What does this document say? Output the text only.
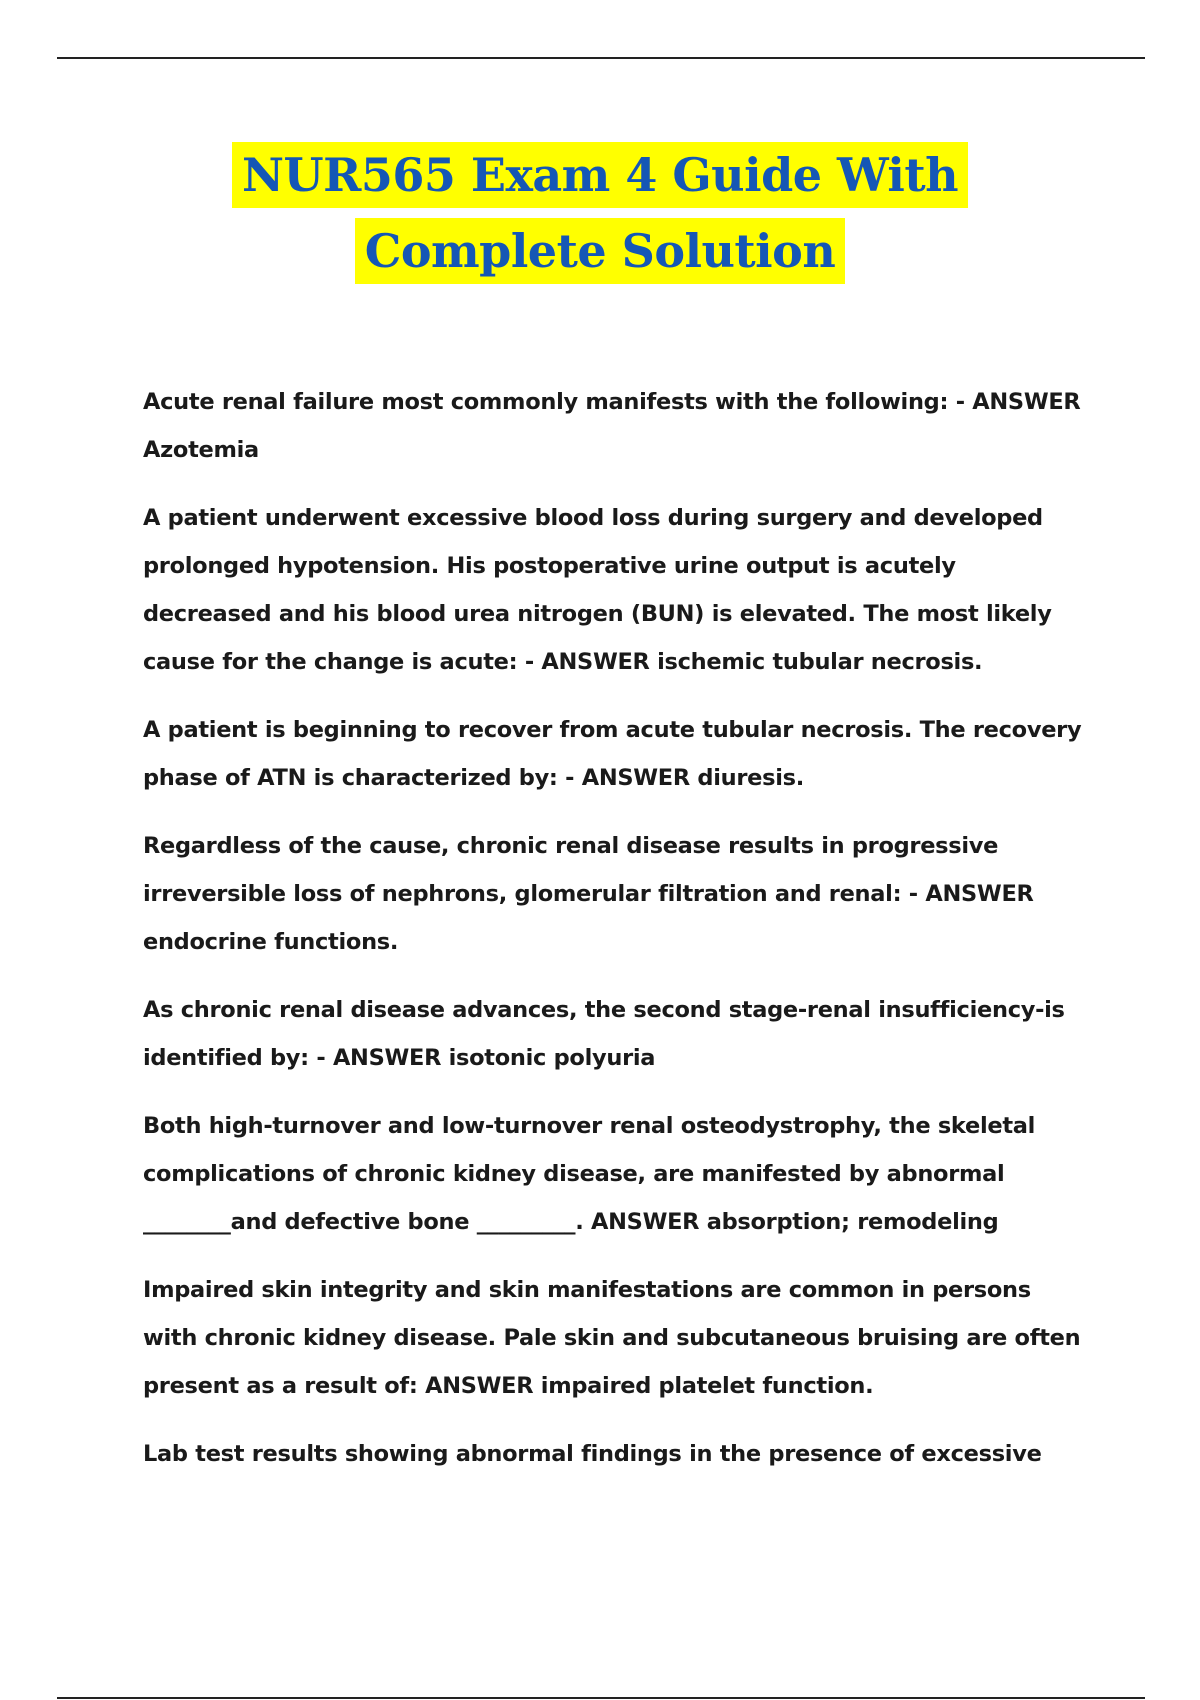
NUR565 Exam 4 Guide With
Complete Solution

Acute renal failure most commonly manifests with the following: - ANSWER Azotemia

A patient underwent excessive blood loss during surgery and developed prolonged hypotension. His postoperative urine output is acutely decreased and his blood urea nitrogen (BUN) is elevated. The most likely cause for the change is acute: - ANSWER ischemic tubular necrosis.

A patient is beginning to recover from acute tubular necrosis. The recovery phase of ATN is characterized by: - ANSWER diuresis.

Regardless of the cause, chronic renal disease results in progressive irreversible loss of nephrons, glomerular filtration and renal: - ANSWER endocrine functions.

As chronic renal disease advances, the second stage-renal insufficiency-is identified by: - ANSWER isotonic polyuria

Both high-turnover and low-turnover renal osteodystrophy, the skeletal complications of chronic kidney disease, are manifested by abnormal ________and defective bone _________. ANSWER absorption; remodeling

Impaired skin integrity and skin manifestations are common in persons with chronic kidney disease. Pale skin and subcutaneous bruising are often present as a result of: ANSWER impaired platelet function.

Lab test results showing abnormal findings in the presence of excessive
